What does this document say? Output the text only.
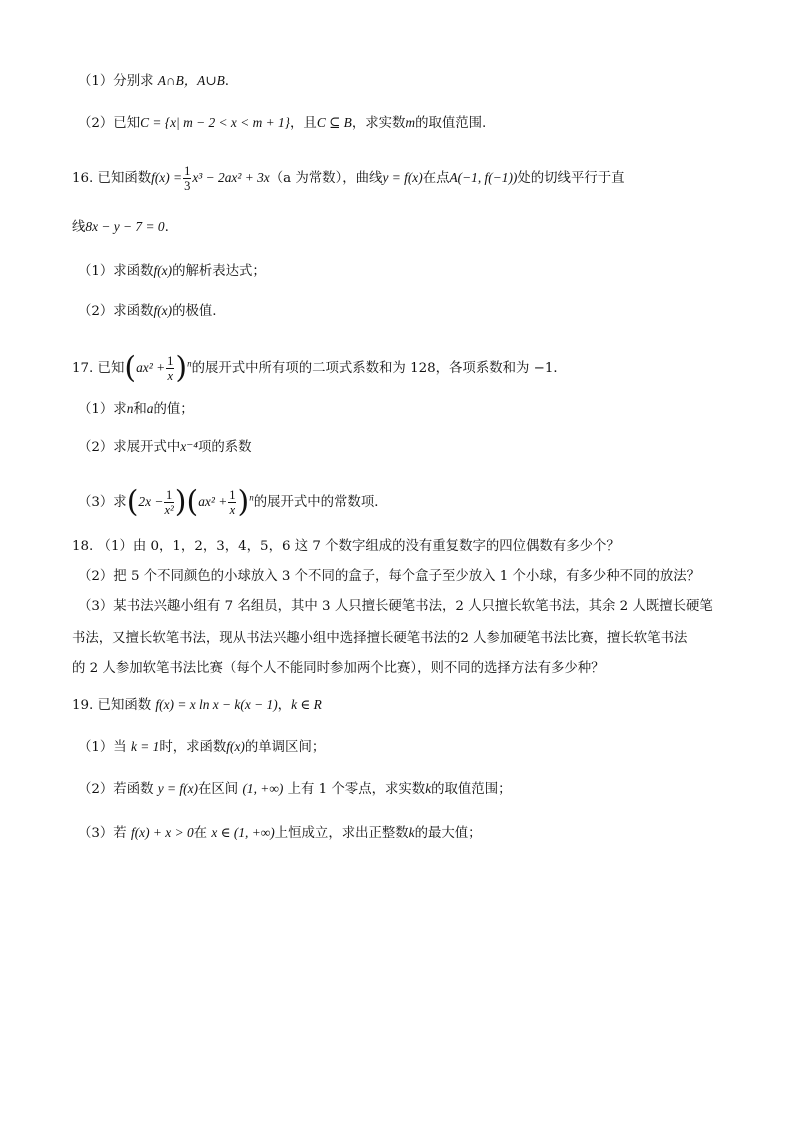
（1）分别求 A∩B，A∪B.
（2）已知C = {x| m − 2 < x < m + 1}，且C ⊆ B，求实数m的取值范围.
16. 已知函数$f(x) = \frac{1}{3} x^3 - 2ax^2 + 3x(a$ 为常数），曲线y = f(x)在点A(−1, f(−1))处的切线平行于直
线8x − y − 7 = 0.
（1）求函数f(x)的解析表达式；
（2）求函数f(x)的极值.
17. 已知$(ax^2 + \frac{1}{x} )^n$的展开式中所有项的二项式系数和为 128，各项系数和为 −1．
（1）求n和a的值；
（2）求展开式中x⁻⁴项的系数
（3）求$(2x - \frac{1}{\text{x²}} )(ax^2 + \frac{1}{x} )^n$的展开式中的常数项．
18. （1）由 0，1，2，3，4，5，6 这 7 个数字组成的没有重复数字的四位偶数有多少个？
（2）把 5 个不同颜色的小球放入 3 个不同的盒子，每个盒子至少放入 1 个小球，有多少种不同的放法？
（3）某书法兴趣小组有 7 名组员，其中 3 人只擅长硬笔书法，2 人只擅长软笔书法，其余 2 人既擅长硬笔
书法，又擅长软笔书法，现从书法兴趣小组中选择擅长硬笔书法的2 人参加硬笔书法比赛，擅长软笔书法
的 2 人参加软笔书法比赛（每个人不能同时参加两个比赛），则不同的选择方法有多少种？
19. 已知函数 f(x) = x ln x − k(x − 1)，k ∈ R
（1）当 k = 1时，求函数f(x)的单调区间；
（2）若函数 y = f(x)在区间 (1, +∞) 上有 1 个零点，求实数k的取值范围；
（3）若 f(x) + x > 0在 x ∈ (1, +∞)上恒成立，求出正整数k的最大值；
